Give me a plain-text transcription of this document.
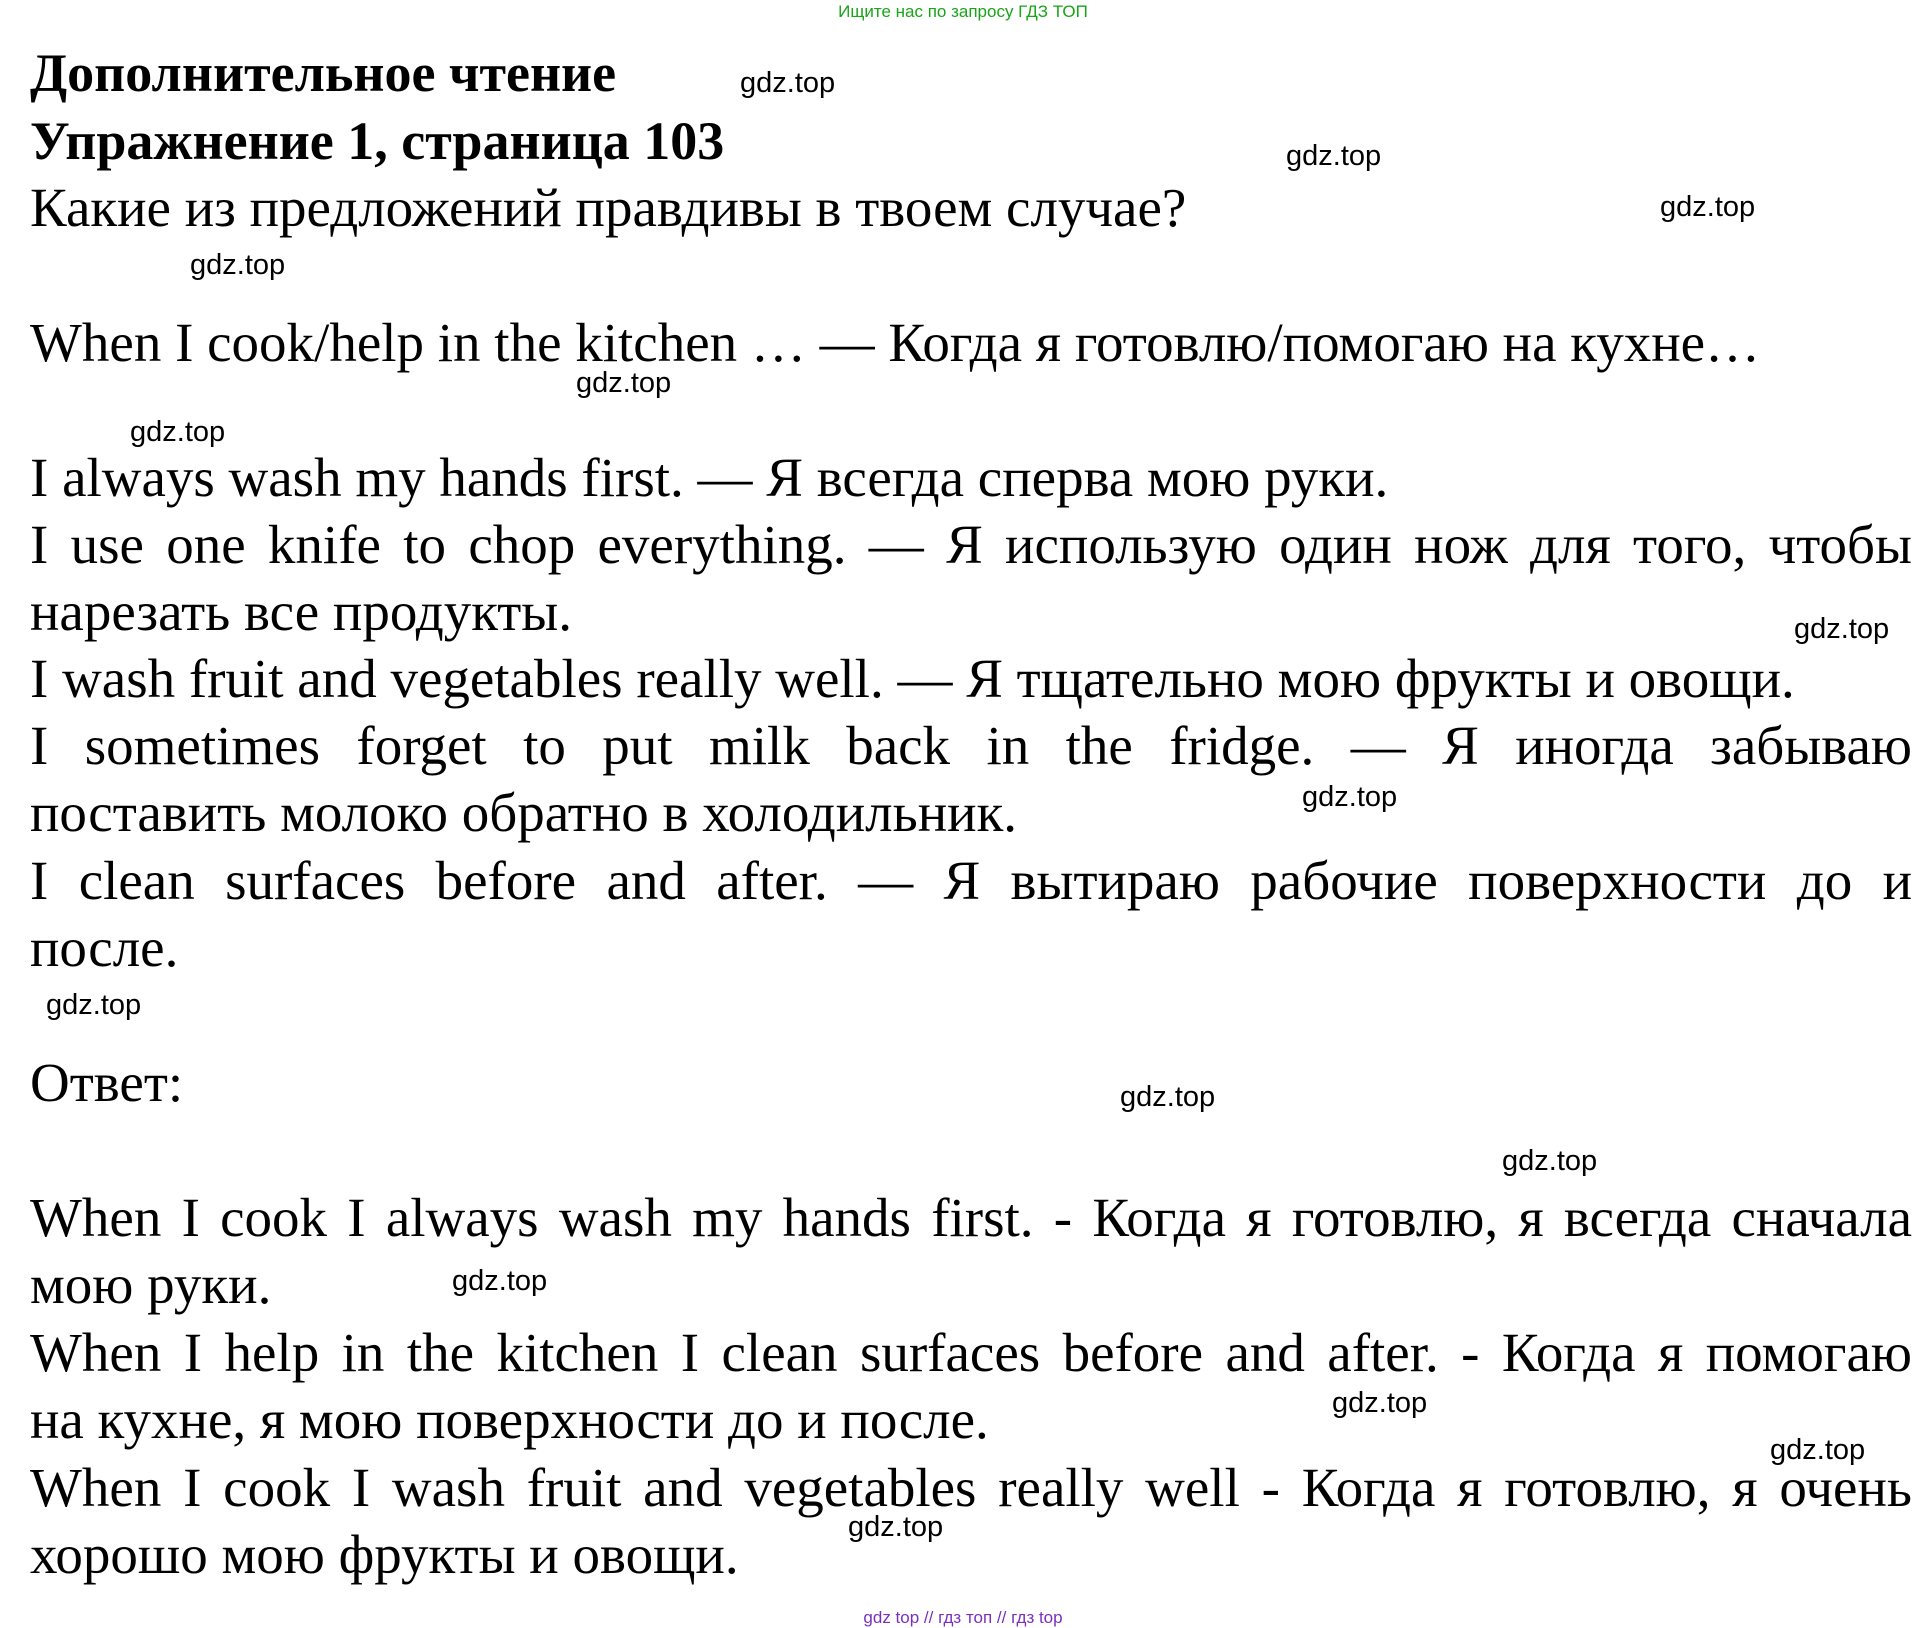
Ищите нас по запросу ГДЗ ТОП
Дополнительное чтение
Упражнение 1, страница 103
Какие из предложений правдивы в твоем случае?
When I cook/help in the kitchen … — Когда я готовлю/помогаю на кухне…
I always wash my hands first. — Я всегда сперва мою руки.
I use one knife to chop everything. — Я использую один нож для того, чтобы
нарезать все продукты.
I wash fruit and vegetables really well. — Я тщательно мою фрукты и овощи.
I sometimes forget to put milk back in the fridge. — Я иногда забываю
поставить молоко обратно в холодильник.
I clean surfaces before and after. — Я вытираю рабочие поверхности до и
после.
Ответ:
When I cook I always wash my hands first. - Когда я готовлю, я всегда сначала
мою руки.
When I help in the kitchen I clean surfaces before and after. - Когда я помогаю
на кухне, я мою поверхности до и после.
When I cook I wash fruit and vegetables really well - Когда я готовлю, я очень
хорошо мою фрукты и овощи.
gdz.top
gdz.top
gdz.top
gdz.top
gdz.top
gdz.top
gdz.top
gdz.top
gdz.top
gdz.top
gdz.top
gdz.top
gdz.top
gdz.top
gdz.top
gdz top // гдз топ // гдз top
